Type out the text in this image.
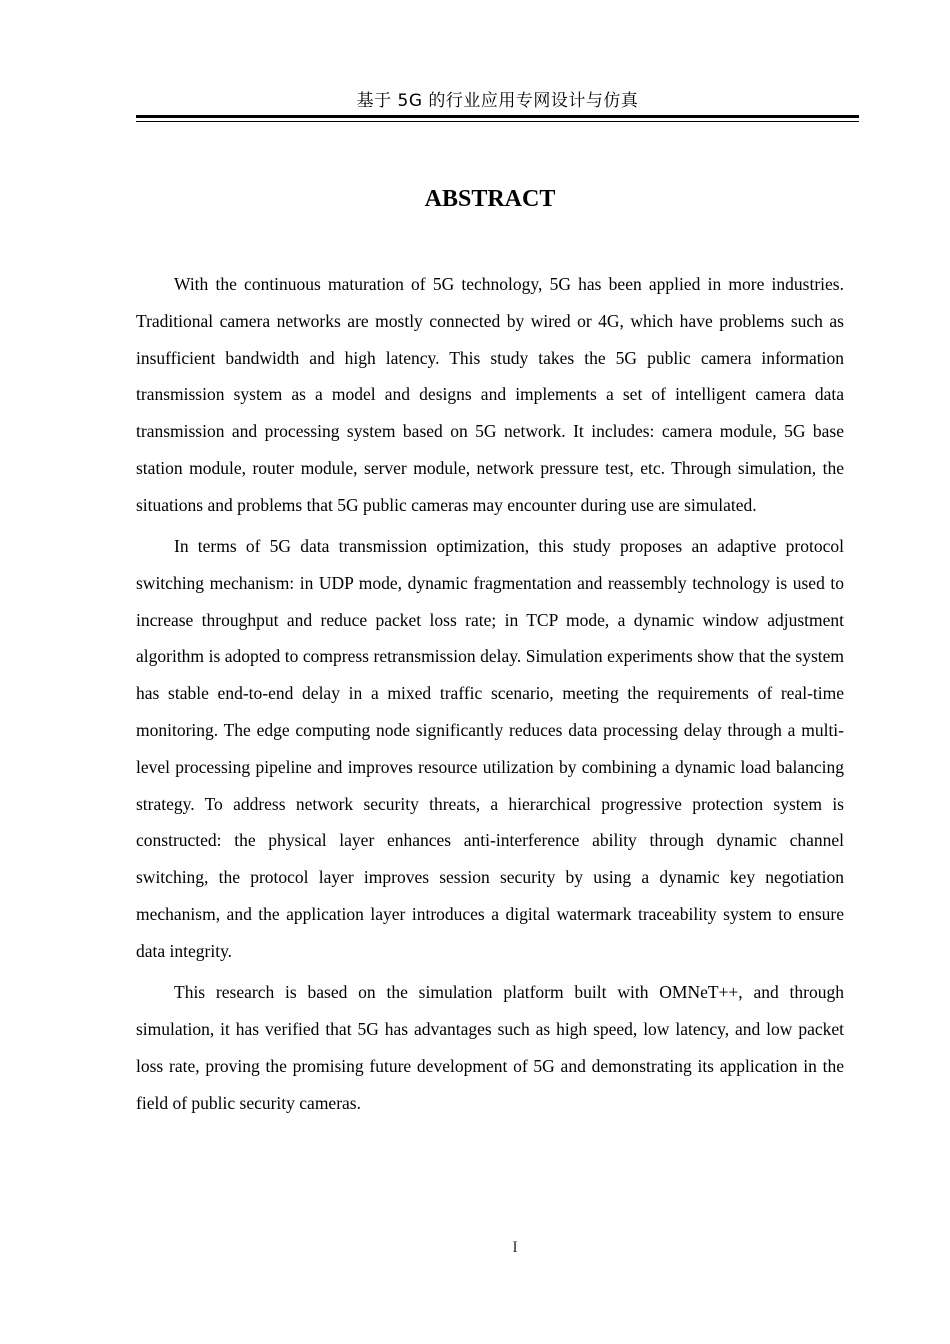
基于 5G 的行业应用专网设计与仿真
ABSTRACT

With the continuous maturation of 5G technology, 5G has been applied in more industries. Traditional camera networks are mostly connected by wired or 4G, which have problems such as insufficient bandwidth and high latency. This study takes the 5G public camera information transmission system as a model and designs and implements a set of intelligent camera data transmission and processing system based on 5G network. It includes: camera module, 5G base station module, router module, server module, network pressure test, etc. Through simulation, the situations and problems that 5G public cameras may encounter during use are simulated.

In terms of 5G data transmission optimization, this study proposes an adaptive protocol switching mechanism: in UDP mode, dynamic fragmentation and reassembly technology is used to increase throughput and reduce packet loss rate; in TCP mode, a dynamic window adjustment algorithm is adopted to compress retransmission delay. Simulation experiments show that the system has stable end-to-end delay in a mixed traffic scenario, meeting the requirements of real-time monitoring. The edge computing node significantly reduces data processing delay through a multi-level processing pipeline and improves resource utilization by combining a dynamic load balancing strategy. To address network security threats, a hierarchical progressive protection system is constructed: the physical layer enhances anti-interference ability through dynamic channel switching, the protocol layer improves session security by using a dynamic key negotiation mechanism, and the application layer introduces a digital watermark traceability system to ensure data integrity.

This research is based on the simulation platform built with OMNeT++, and through simulation, it has verified that 5G has advantages such as high speed, low latency, and low packet loss rate, proving the promising future development of 5G and demonstrating its application in the field of public security cameras.

I
